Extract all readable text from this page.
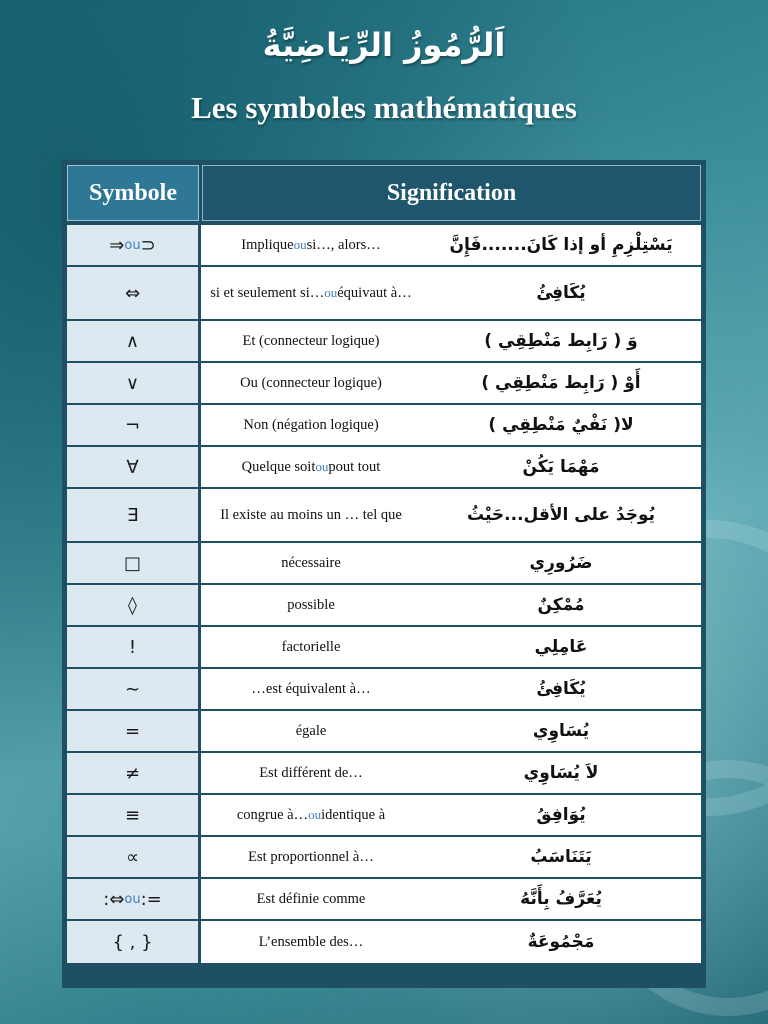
اَلرُّمُوزُ الرِّيَاضِيَّةُ
Les symboles mathématiques
Symbole	Signification
⇒ ou ⊃	Implique ou si…, alors…	يَسْتِلْزِمِ أو إذا كَانَ.......فَإِنَّ
⇔	si et seulement si… ou équivaut à…	يُكَافِئُ
∧	Et (connecteur logique)	وَ ( رَابِط مَنْطِقِي )
∨	Ou (connecteur logique)	أَوْ ( رَابِط مَنْطِقِي )
¬	Non (négation logique)	لا( نَفْيٌ مَنْطِقِي )
∀	Quelque soit ou pout tout	مَهْمَا يَكُنْ
∃	Il existe au moins un … tel que	يُوجَدُ على الأقل...حَيْثُ
□	nécessaire	ضَرُورِي
◊	possible	مُمْكِنٌ
!	factorielle	عَامِلِي
∼	…est équivalent à…	يُكَافِئُ
=	égale	يُسَاوِي
≠	Est différent de…	لاَ يُسَاوِي
≡	congrue à… ou identique à	يُوَافِقُ
∝	Est proportionnel à…	يَتَنَاسَبُ
:⇔ ou :=	Est définie comme	يُعَرَّفُ بِأَنَّهُ
{ , }	L’ensemble des…	مَجْمُوعَةٌ
